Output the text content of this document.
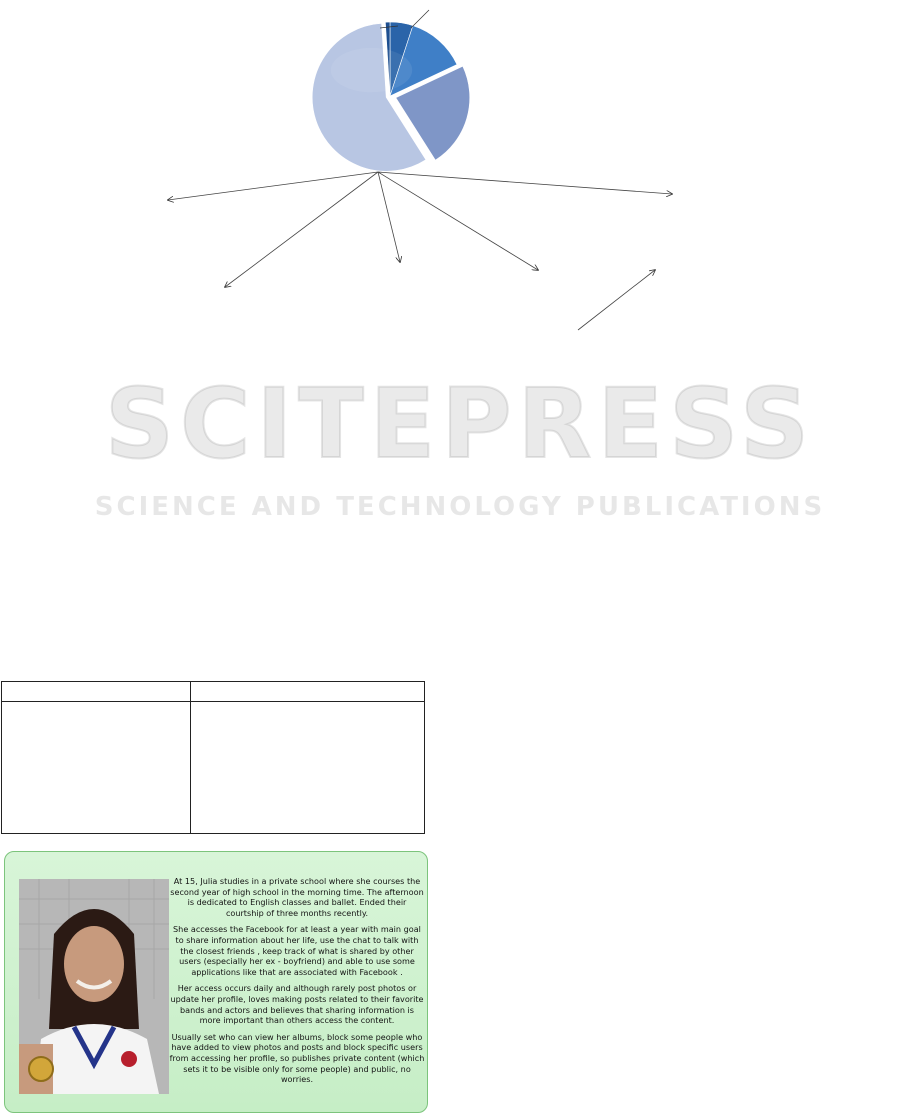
SCITEPRESS
SCIENCE AND TECHNOLOGY PUBLICATIONS

At 15, Julia studies in a private school where she courses the second year of high school in the morning time. The afternoon is dedicated to English classes and ballet. Ended their courtship of three months recently.

She accesses the Facebook for at least a year with main goal to share information about her life, use the chat to talk with the closest friends , keep track of what is shared by other users (especially her ex - boyfriend) and able to use some applications like that are associated with Facebook .

Her access occurs daily and although rarely post photos or update her profile, loves making posts related to their favorite bands and actors and believes that sharing information is more important than others access the content.

Usually set who can view her albums, block some people who have added to view photos and posts and block specific users from accessing her profile, so publishes private content (which sets it to be visible only for some people) and public, no worries.
